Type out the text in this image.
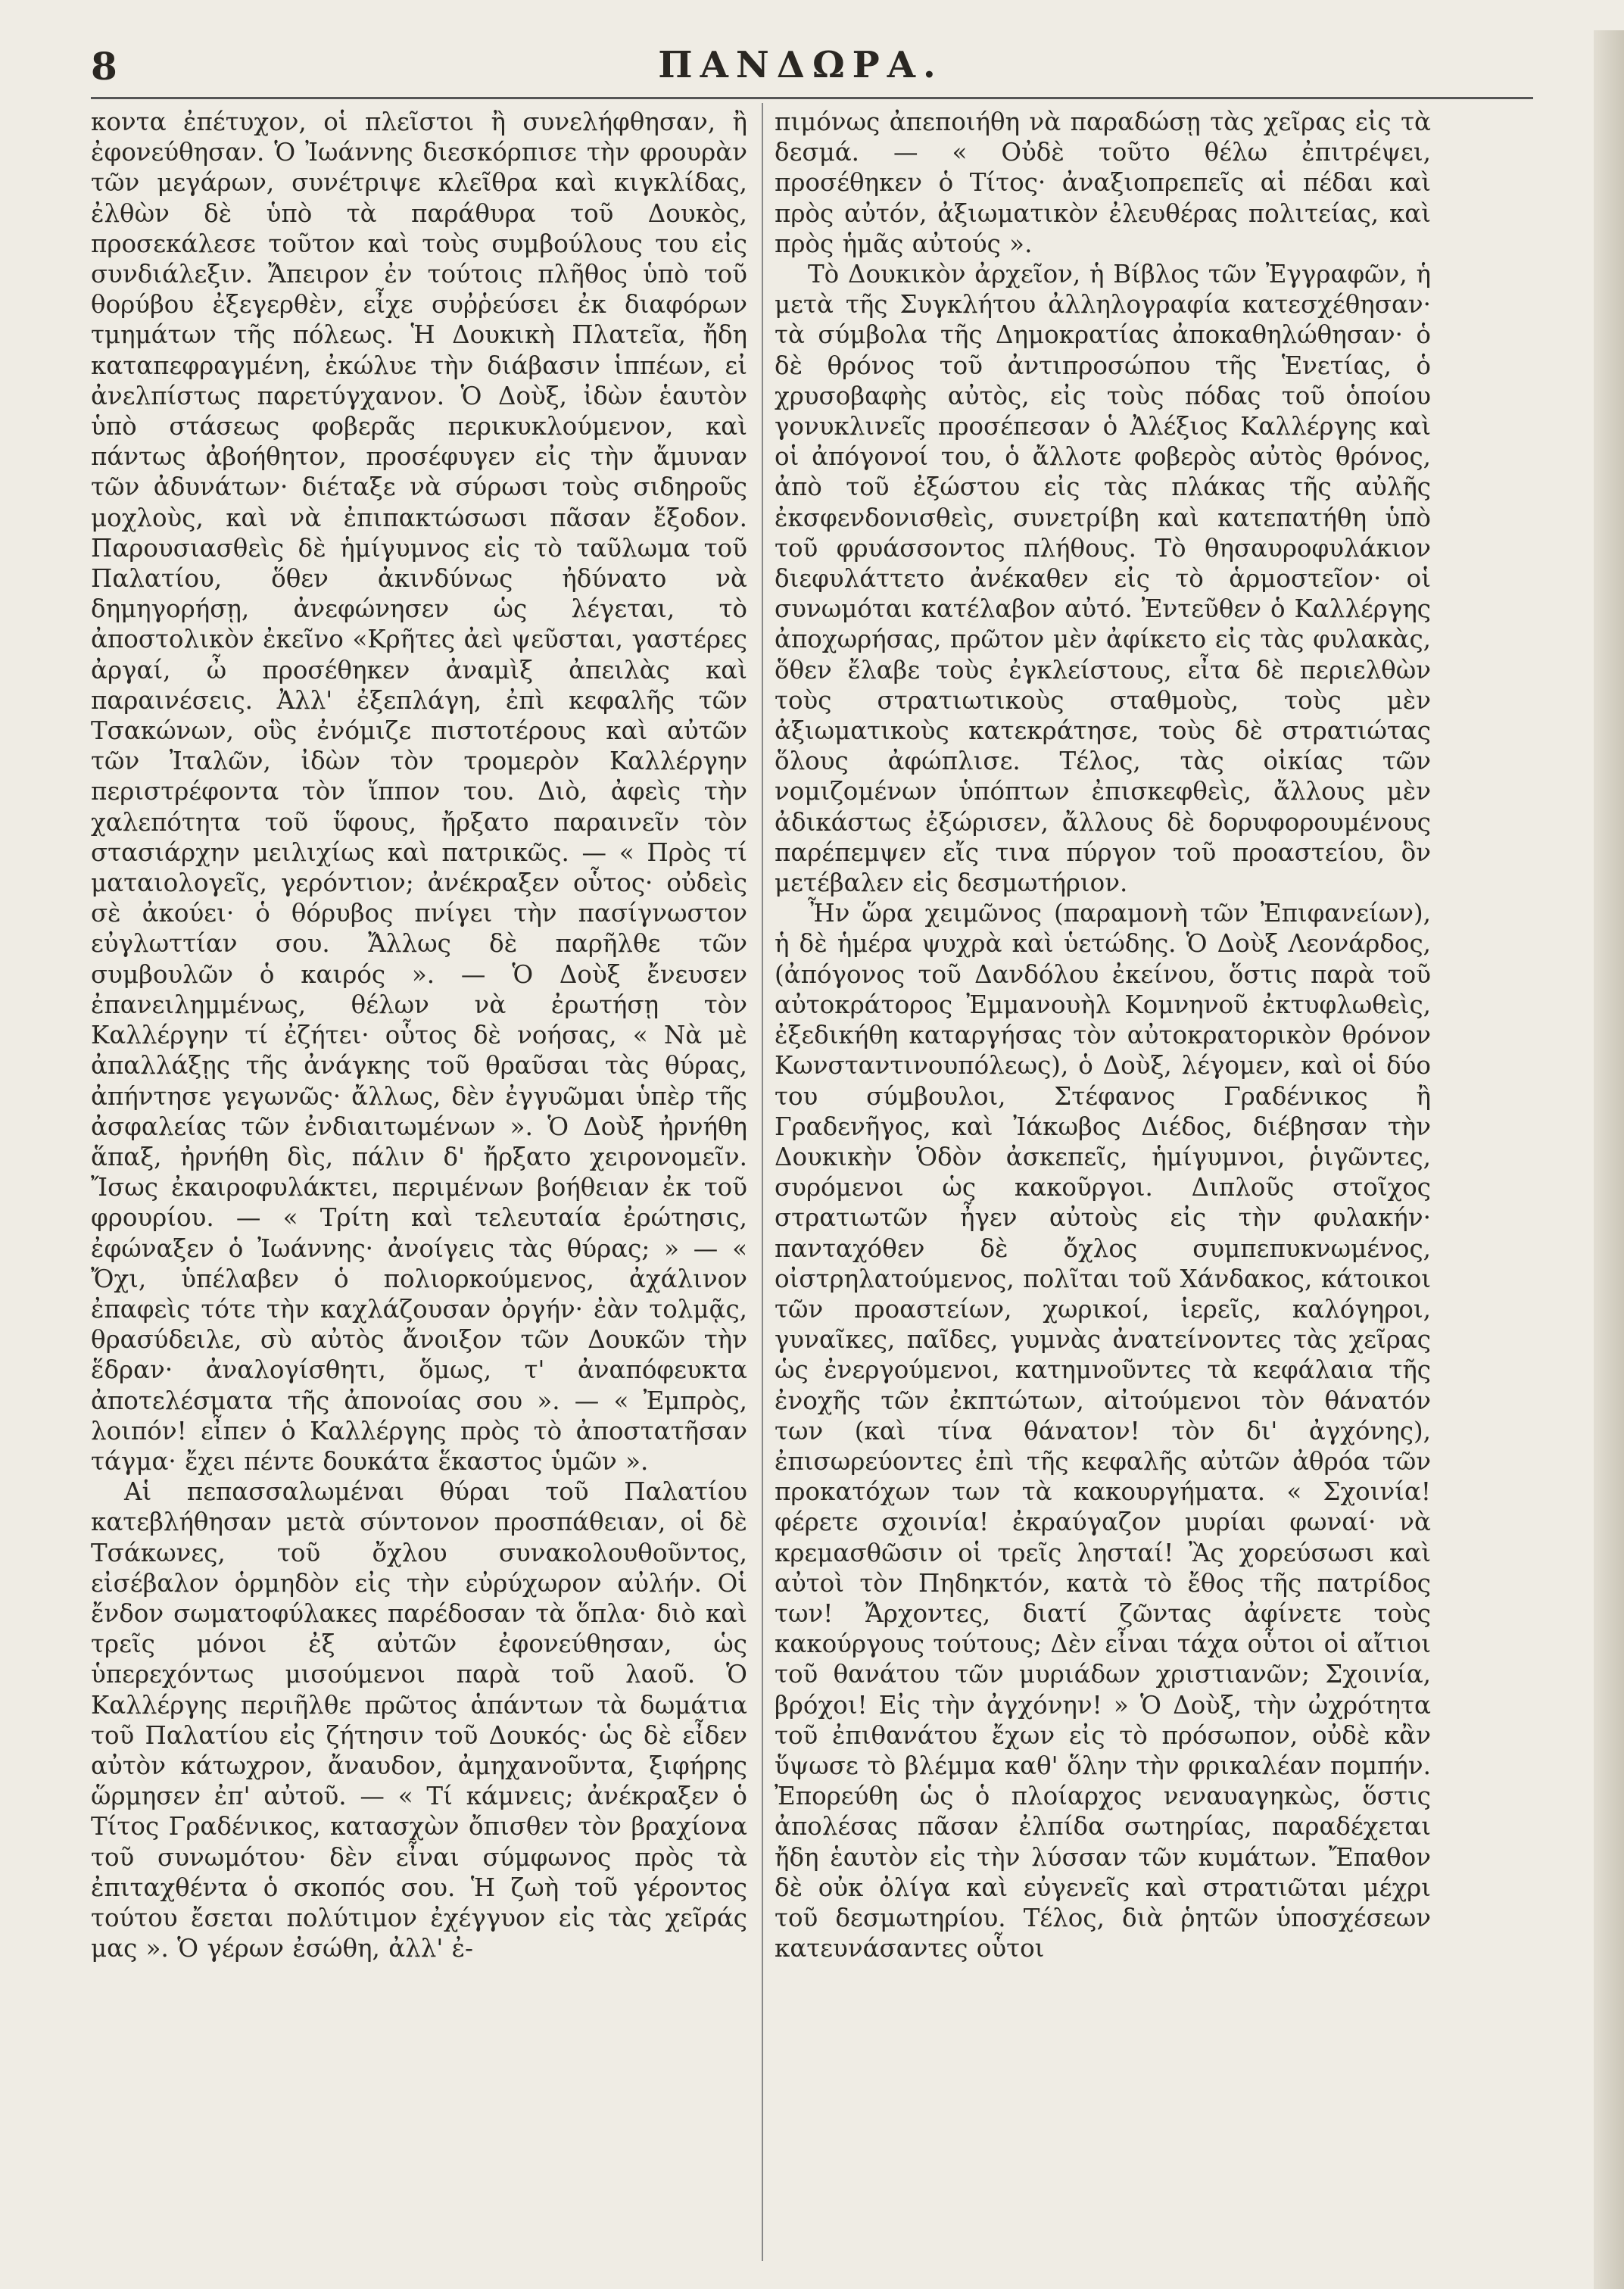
8	ΠΑΝΔΩΡΑ.

κοντα ἐπέτυχον, οἱ πλεῖστοι ἢ συνελήφθησαν, ἢ ἐφονεύθησαν. Ὁ Ἰωάννης διεσκόρπισε τὴν φρουρὰν τῶν μεγάρων, συνέτριψε κλεῖθρα καὶ κιγκλίδας, ἐλθὼν δὲ ὑπὸ τὰ παράθυρα τοῦ Δουκὸς, προσεκάλεσε τοῦτον καὶ τοὺς συμβούλους του εἰς συνδιάλεξιν. Ἄπειρον ἐν τούτοις πλῆθος ὑπὸ τοῦ θορύβου ἐξεγερθὲν, εἶχε συῤῥεύσει ἐκ διαφόρων τμημάτων τῆς πόλεως. Ἡ Δουκικὴ Πλατεῖα, ἤδη καταπεφραγμένη, ἐκώλυε τὴν διάβασιν ἱππέων, εἰ ἀνελπίστως παρετύγχανον. Ὁ Δοὺξ, ἰδὼν ἑαυτὸν ὑπὸ στάσεως φοβερᾶς περικυκλούμενον, καὶ πάντως ἀβοήθητον, προσέφυγεν εἰς τὴν ἄμυναν τῶν ἀδυνάτων· διέταξε νὰ σύρωσι τοὺς σιδηροῦς μοχλοὺς, καὶ νὰ ἐπιπακτώσωσι πᾶσαν ἔξοδον. Παρουσιασθεὶς δὲ ἡμίγυμνος εἰς τὸ ταῦλωμα τοῦ Παλατίου, ὅθεν ἀκινδύνως ἠδύνατο νὰ δημηγορήσῃ, ἀνεφώνησεν ὡς λέγεται, τὸ ἀποστολικὸν ἐκεῖνο «Κρῆτες ἀεὶ ψεῦσται, γαστέρες ἀργαί, ὦ προσέθηκεν ἀναμὶξ ἀπειλὰς καὶ παραινέσεις. Ἀλλ' ἐξεπλάγη, ἐπὶ κεφαλῆς τῶν Τσακώνων, οὓς ἐνόμιζε πιστοτέρους καὶ αὐτῶν τῶν Ἰταλῶν, ἰδὼν τὸν τρομερὸν Καλλέργην περιστρέφοντα τὸν ἵππον του. Διὸ, ἀφεὶς τὴν χαλεπότητα τοῦ ὕφους, ἤρξατο παραινεῖν τὸν στασιάρχην μειλιχίως καὶ πατρικῶς. — « Πρὸς τί ματαιολογεῖς, γερόντιον; ἀνέκραξεν οὗτος· οὐδεὶς σὲ ἀκούει· ὁ θόρυβος πνίγει τὴν πασίγνωστον εὐγλωττίαν σου. Ἄλλως δὲ παρῆλθε τῶν συμβουλῶν ὁ καιρός ». — Ὁ Δοὺξ ἔνευσεν ἐπανειλημμένως, θέλων νὰ ἐρωτήσῃ τὸν Καλλέργην τί ἐζήτει· οὗτος δὲ νοήσας, « Νὰ μὲ ἀπαλλάξῃς τῆς ἀνάγκης τοῦ θραῦσαι τὰς θύρας, ἀπήντησε γεγωνῶς· ἄλλως, δὲν ἐγγυῶμαι ὑπὲρ τῆς ἀσφαλείας τῶν ἐνδιαιτωμένων ». Ὁ Δοὺξ ἠρνήθη ἅπαξ, ἠρνήθη δὶς, πάλιν δ' ἤρξατο χειρονομεῖν. Ἴσως ἐκαιροφυλάκτει, περιμένων βοήθειαν ἐκ τοῦ φρουρίου. — « Τρίτη καὶ τελευταία ἐρώτησις, ἐφώναξεν ὁ Ἰωάννης· ἀνοίγεις τὰς θύρας; » — « Ὄχι, ὑπέλαβεν ὁ πολιορκούμενος, ἀχάλινον ἐπαφεὶς τότε τὴν καχλάζουσαν ὀργήν· ἐὰν τολμᾷς, θρασύδειλε, σὺ αὐτὸς ἄνοιξον τῶν Δουκῶν τὴν ἕδραν· ἀναλογίσθητι, ὅμως, τ' ἀναπόφευκτα ἀποτελέσματα τῆς ἀπονοίας σου ». — « Ἐμπρὸς, λοιπόν! εἶπεν ὁ Καλλέργης πρὸς τὸ ἀποστατῆσαν τάγμα· ἔχει πέντε δουκάτα ἕκαστος ὑμῶν ».

Αἱ πεπασσαλωμέναι θύραι τοῦ Παλατίου κατεβλήθησαν μετὰ σύντονον προσπάθειαν, οἱ δὲ Τσάκωνες, τοῦ ὄχλου συνακολουθοῦντος, εἰσέβαλον ὁρμηδὸν εἰς τὴν εὐρύχωρον αὐλήν. Οἱ ἔνδον σωματοφύλακες παρέδοσαν τὰ ὅπλα· διὸ καὶ τρεῖς μόνοι ἐξ αὐτῶν ἐφονεύθησαν, ὡς ὑπερεχόντως μισούμενοι παρὰ τοῦ λαοῦ. Ὁ Καλλέργης περιῆλθε πρῶτος ἁπάντων τὰ δωμάτια τοῦ Παλατίου εἰς ζήτησιν τοῦ Δουκός· ὡς δὲ εἶδεν αὐτὸν κάτωχρον, ἄναυδον, ἀμηχανοῦντα, ξιφήρης ὥρμησεν ἐπ' αὐτοῦ. — « Τί κάμνεις; ἀνέκραξεν ὁ Τίτος Γραδένικος, κατασχὼν ὄπισθεν τὸν βραχίονα τοῦ συνωμότου· δὲν εἶναι σύμφωνος πρὸς τὰ ἐπιταχθέντα ὁ σκοπός σου. Ἡ ζωὴ τοῦ γέροντος τούτου ἔσεται πολύτιμον ἐχέγγυον εἰς τὰς χεῖράς μας ». Ὁ γέρων ἐσώθη, ἀλλ' ἐ-

πιμόνως ἀπεποιήθη νὰ παραδώσῃ τὰς χεῖρας εἰς τὰ δεσμά. — « Οὐδὲ τοῦτο θέλω ἐπιτρέψει, προσέθηκεν ὁ Τίτος· ἀναξιοπρεπεῖς αἱ πέδαι καὶ πρὸς αὐτόν, ἀξιωματικὸν ἐλευθέρας πολιτείας, καὶ πρὸς ἡμᾶς αὐτούς ».

Τὸ Δουκικὸν ἀρχεῖον, ἡ Βίβλος τῶν Ἐγγραφῶν, ἡ μετὰ τῆς Συγκλήτου ἀλληλογραφία κατεσχέθησαν· τὰ σύμβολα τῆς Δημοκρατίας ἀποκαθηλώθησαν· ὁ δὲ θρόνος τοῦ ἀντιπροσώπου τῆς Ἑνετίας, ὁ χρυσοβαφὴς αὐτὸς, εἰς τοὺς πόδας τοῦ ὁποίου γονυκλινεῖς προσέπεσαν ὁ Ἀλέξιος Καλλέργης καὶ οἱ ἀπόγονοί του, ὁ ἄλλοτε φοβερὸς αὐτὸς θρόνος, ἀπὸ τοῦ ἐξώστου εἰς τὰς πλάκας τῆς αὐλῆς ἐκσφενδονισθεὶς, συνετρίβη καὶ κατεπατήθη ὑπὸ τοῦ φρυάσσοντος πλήθους. Τὸ θησαυροφυλάκιον διεφυλάττετο ἀνέκαθεν εἰς τὸ ἁρμοστεῖον· οἱ συνωμόται κατέλαβον αὐτό. Ἐντεῦθεν ὁ Καλλέργης ἀποχωρήσας, πρῶτον μὲν ἀφίκετο εἰς τὰς φυλακὰς, ὅθεν ἔλαβε τοὺς ἐγκλείστους, εἶτα δὲ περιελθὼν τοὺς στρατιωτικοὺς σταθμοὺς, τοὺς μὲν ἀξιωματικοὺς κατεκράτησε, τοὺς δὲ στρατιώτας ὅλους ἀφώπλισε. Τέλος, τὰς οἰκίας τῶν νομιζομένων ὑπόπτων ἐπισκεφθεὶς, ἄλλους μὲν ἀδικάστως ἐξώρισεν, ἄλλους δὲ δορυφορουμένους παρέπεμψεν εἴς τινα πύργον τοῦ προαστείου, ὃν μετέβαλεν εἰς δεσμωτήριον.

Ἦν ὥρα χειμῶνος (παραμονὴ τῶν Ἐπιφανείων), ἡ δὲ ἡμέρα ψυχρὰ καὶ ὑετώδης. Ὁ Δοὺξ Λεονάρδος, (ἀπόγονος τοῦ Δανδόλου ἐκείνου, ὅστις παρὰ τοῦ αὐτοκράτορος Ἐμμανουὴλ Κομνηνοῦ ἐκτυφλωθεὶς, ἐξεδικήθη καταργήσας τὸν αὐτοκρατορικὸν θρόνον Κωνσταντινουπόλεως), ὁ Δοὺξ, λέγομεν, καὶ οἱ δύο του σύμβουλοι, Στέφανος Γραδένικος ἢ Γραδενῆγος, καὶ Ἰάκωβος Διέδος, διέβησαν τὴν Δουκικὴν Ὁδὸν ἀσκεπεῖς, ἡμίγυμνοι, ῥιγῶντες, συρόμενοι ὡς κακοῦργοι. Διπλοῦς στοῖχος στρατιωτῶν ἦγεν αὐτοὺς εἰς τὴν φυλακήν· πανταχόθεν δὲ ὄχλος συμπεπυκνωμένος, οἰστρηλατούμενος, πολῖται τοῦ Χάνδακος, κάτοικοι τῶν προαστείων, χωρικοί, ἱερεῖς, καλόγηροι, γυναῖκες, παῖδες, γυμνὰς ἀνατείνοντες τὰς χεῖρας ὡς ἐνεργούμενοι, κατημνοῦντες τὰ κεφάλαια τῆς ἐνοχῆς τῶν ἐκπτώτων, αἰτούμενοι τὸν θάνατόν των (καὶ τίνα θάνατον! τὸν δι' ἀγχόνης), ἐπισωρεύοντες ἐπὶ τῆς κεφαλῆς αὐτῶν ἀθρόα τῶν προκατόχων των τὰ κακουργήματα. « Σχοινία! φέρετε σχοινία! ἐκραύγαζον μυρίαι φωναί· νὰ κρεμασθῶσιν οἱ τρεῖς λησταί! Ἂς χορεύσωσι καὶ αὐτοὶ τὸν Πηδηκτόν, κατὰ τὸ ἔθος τῆς πατρίδος των! Ἄρχοντες, διατί ζῶντας ἀφίνετε τοὺς κακούργους τούτους; Δὲν εἶναι τάχα οὗτοι οἱ αἴτιοι τοῦ θανάτου τῶν μυριάδων χριστιανῶν; Σχοινία, βρόχοι! Εἰς τὴν ἀγχόνην! » Ὁ Δοὺξ, τὴν ὠχρότητα τοῦ ἐπιθανάτου ἔχων εἰς τὸ πρόσωπον, οὐδὲ κἂν ὕψωσε τὸ βλέμμα καθ' ὅλην τὴν φρικαλέαν πομπήν. Ἐπορεύθη ὡς ὁ πλοίαρχος νεναυαγηκὼς, ὅστις ἀπολέσας πᾶσαν ἐλπίδα σωτηρίας, παραδέχεται ἤδη ἑαυτὸν εἰς τὴν λύσσαν τῶν κυμάτων. Ἔπαθον δὲ οὐκ ὀλίγα καὶ εὐγενεῖς καὶ στρατιῶται μέχρι τοῦ δεσμωτηρίου. Τέλος, διὰ ῥητῶν ὑποσχέσεων κατευνάσαντες οὗτοι
